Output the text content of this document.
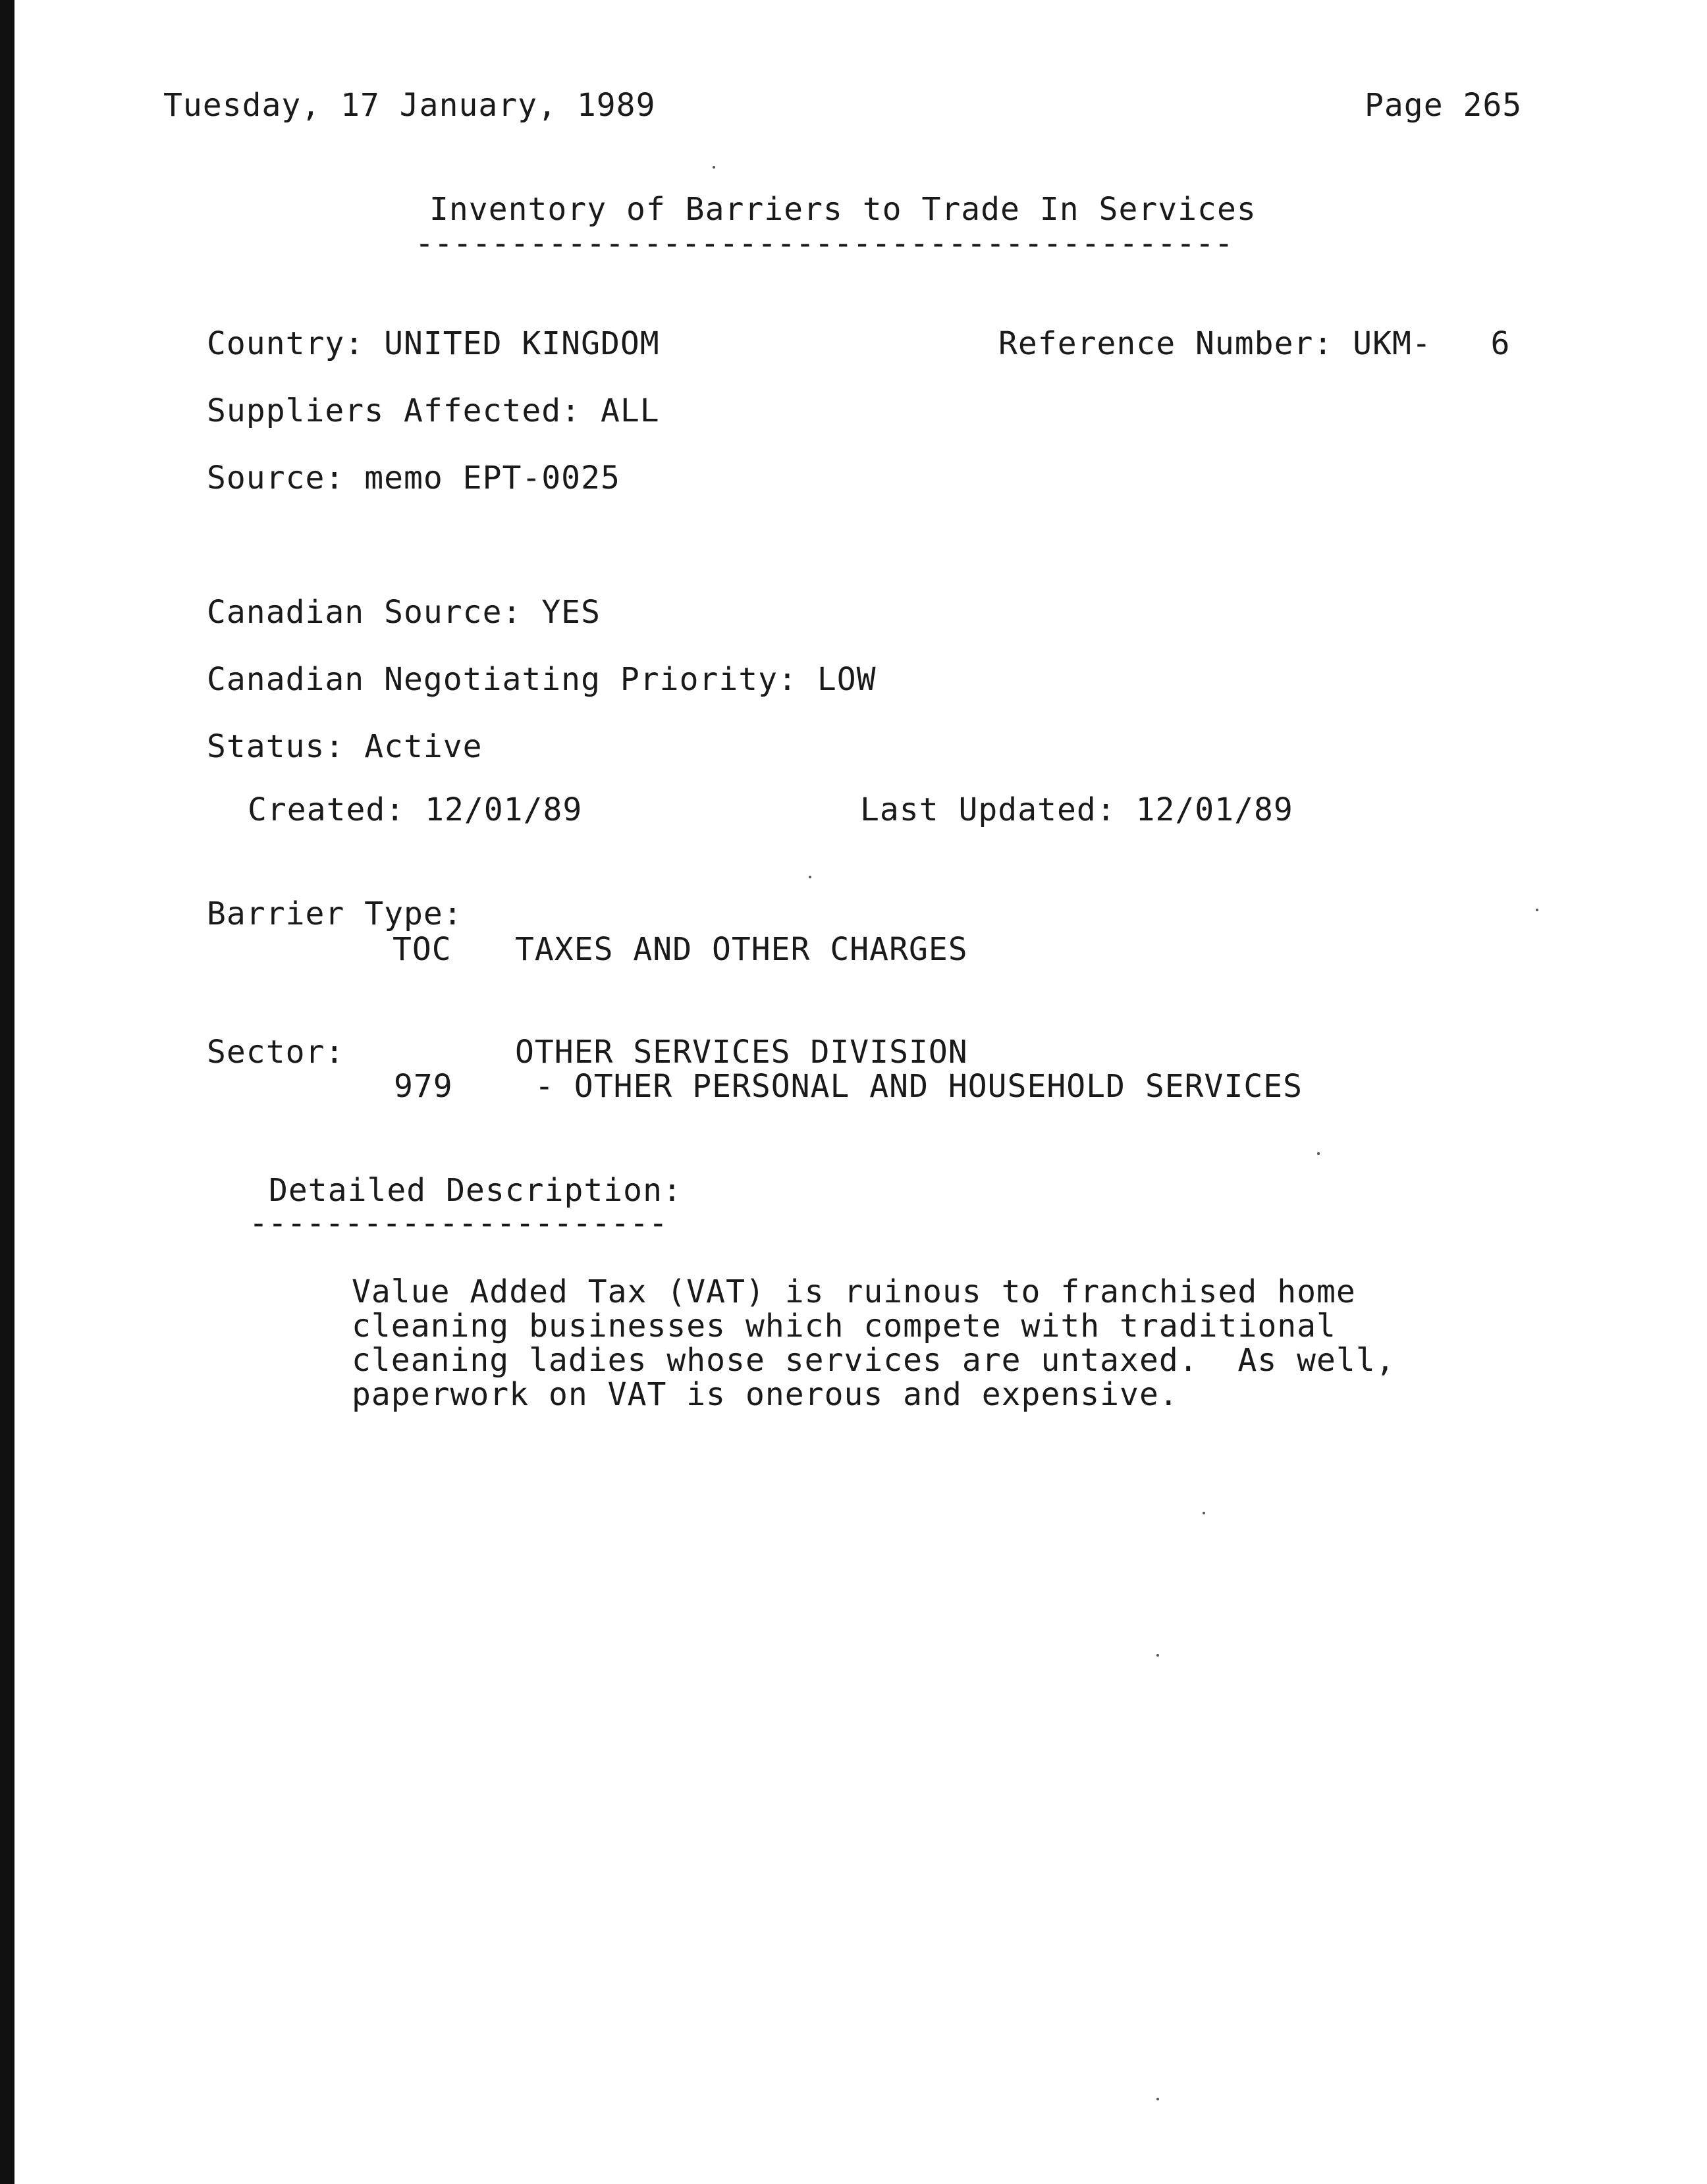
Tuesday, 17 January, 1989	Page 265
Inventory of Barriers to Trade In Services
-------------------------------------------
Country: UNITED KINGDOM	Reference Number: UKM-   6
Suppliers Affected: ALL
Source: memo EPT-0025
Canadian Source: YES
Canadian Negotiating Priority: LOW
Status: Active
Created: 12/01/89	Last Updated: 12/01/89
Barrier Type:
TOC TAXES AND OTHER CHARGES
Sector:	OTHER SERVICES DIVISION
979	- OTHER PERSONAL AND HOUSEHOLD SERVICES
Detailed Description:
----------------------
Value Added Tax (VAT) is ruinous to franchised home
cleaning businesses which compete with traditional
cleaning ladies whose services are untaxed.  As well,
paperwork on VAT is onerous and expensive.
